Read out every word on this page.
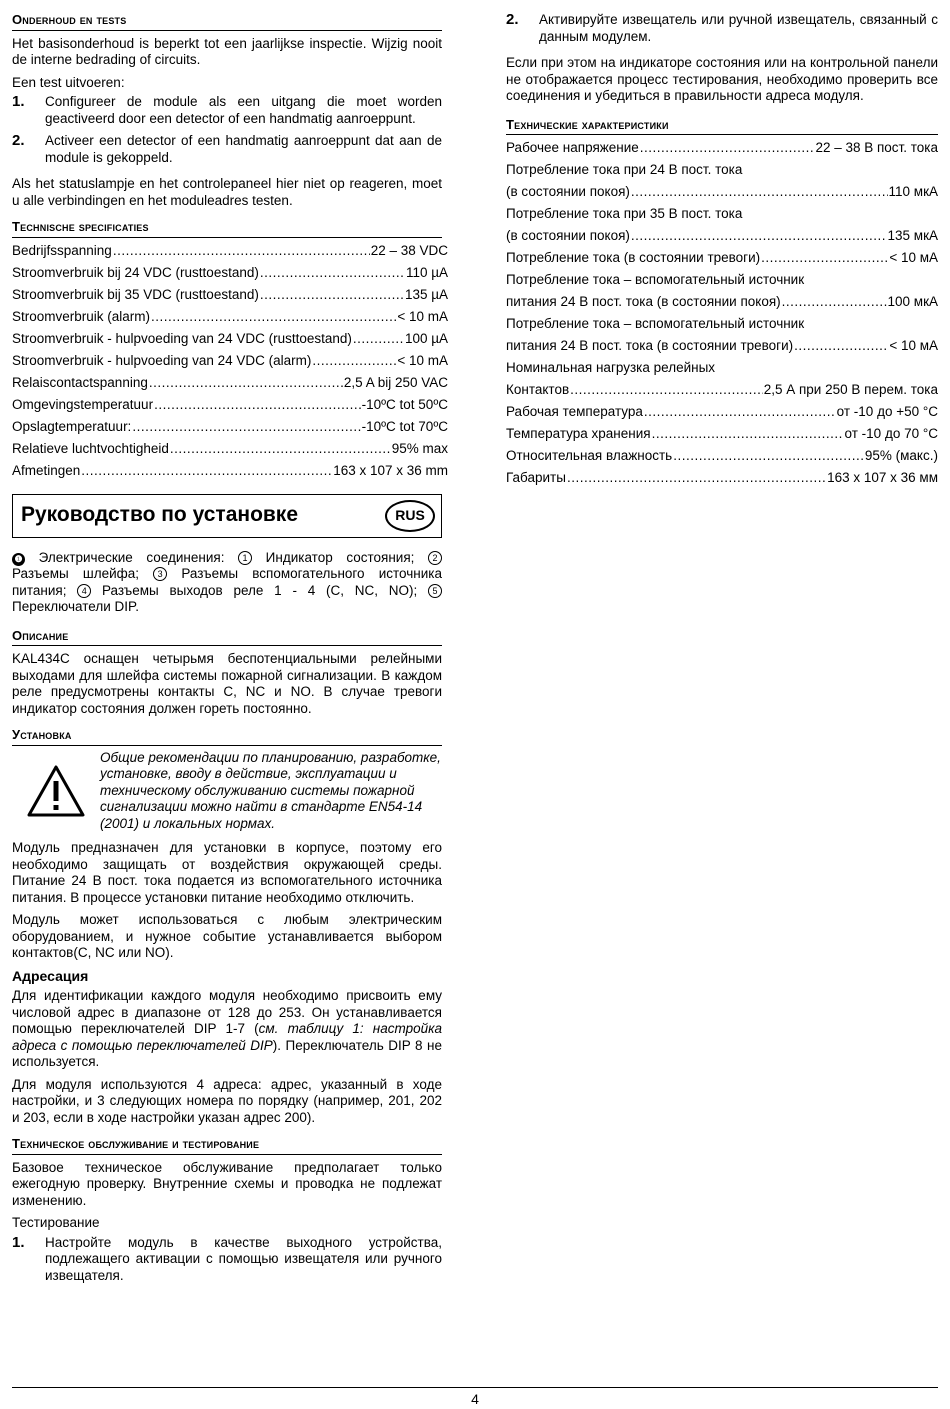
Onderhoud en tests

Het basisonderhoud is beperkt tot een jaarlijkse inspectie. Wijzig nooit de interne bedrading of circuits.

Een test uitvoeren:

1.	Configureer de module als een uitgang die moet worden geactiveerd door een detector of een handmatig aanroeppunt.
2.	Activeer een detector of een handmatig aanroeppunt dat aan de module is gekoppeld.

Als het statuslampje en het controlepaneel hier niet op reageren, moet u alle verbindingen en het moduleadres testen.

Technische specificaties
Bedrijfsspanning .....	22 – 38 VDC
Stroomverbruik bij 24 VDC (rusttoestand) .....	110 µA
Stroomverbruik bij 35 VDC (rusttoestand) .....	135 µA
Stroomverbruik (alarm) .....	< 10 mA
Stroomverbruik - hulpvoeding van 24 VDC (rusttoestand) .....	100 µA
Stroomverbruik - hulpvoeding van 24 VDC (alarm) .....	< 10 mA
Relaiscontactspanning .....	2,5 A bij 250 VAC
Omgevingstemperatuur .....	-10ºC tot 50ºC
Opslagtemperatuur: .....	-10ºC tot 70ºC
Relatieve luchtvochtigheid .....	95% max
Afmetingen .....	163 x 107 x 36 mm
Руководство по установке	RUS

❶ Электрические соединения: 1 Индикатор состояния; 2 Разъемы шлейфа; 3 Разъемы вспомогательного источника питания; 4 Разъемы выходов реле 1 - 4 (C, NC, NO); 5 Переключатели DIP.

Описание

KAL434C оснащен четырьмя беспотенциальными релейными выходами для шлейфа системы пожарной сигнализации. В каждом реле предусмотрены контакты C, NC и NO. В случае тревоги индикатор состояния должен гореть постоянно.

Установка
Общие рекомендации по планированию, разработке, установке, вводу в действие, эксплуатации и техническому обслуживанию системы пожарной сигнализации можно найти в стандарте EN54-14 (2001) и локальных нормах.

Модуль предназначен для установки в корпусе, поэтому его необходимо защищать от воздействия окружающей среды. Питание 24 В пост. тока подается из вспомогательного источника питания. В процессе установки питание необходимо отключить.

Модуль может использоваться с любым электрическим оборудованием, и нужное событие устанавливается выбором контактов(C, NC или NO).

Адресация

Для идентификации каждого модуля необходимо присвоить ему числовой адрес в диапазоне от 128 до 253. Он устанавливается помощью переключателей DIP 1-7 (см. таблицу 1: настройка адреса с помощью переключателей DIP). Переключатель DIP 8 не используется.

Для модуля используются 4 адреса: адрес, указанный в ходе настройки, и 3 следующих номера по порядку (например, 201, 202 и 203, если в ходе настройки указан адрес 200).

Техническое обслуживание и тестирование

Базовое техническое обслуживание предполагает только ежегодную проверку. Внутренние схемы и проводка не подлежат изменению.

Тестирование

1.	Настройте модуль в качестве выходного устройства, подлежащего активации с помощью извещателя или ручного извещателя.
2.	Активируйте извещатель или ручной извещатель, связанный с данным модулем.

Если при этом на индикаторе состояния или на контрольной панели не отображается процесс тестирования, необходимо проверить все соединения и убедиться в правильности адреса модуля.

Технические характеристики
Рабочее напряжение .....	22 – 38 В пост. тока
Потребление тока при 24 В пост. тока
(в состоянии покоя) .....	110 мкА
Потребление тока при 35 В пост. тока
(в состоянии покоя) .....	135 мкА
Потребление тока (в состоянии тревоги) .....	< 10 мА
Потребление тока – вспомогательный источник
питания 24 В пост. тока (в состоянии покоя) .....	100 мкА
Потребление тока – вспомогательный источник
питания 24 В пост. тока (в состоянии тревоги) .....	< 10 мА
Номинальная нагрузка релейных
Контактов .....	2,5 А при 250 В перем. тока
Рабочая температура .....	от -10 до +50 °С
Температура хранения .....	от -10 до 70 °С
Относительная влажность .....	95% (макс.)
Габариты .....	163 x 107 x 36 мм
4
